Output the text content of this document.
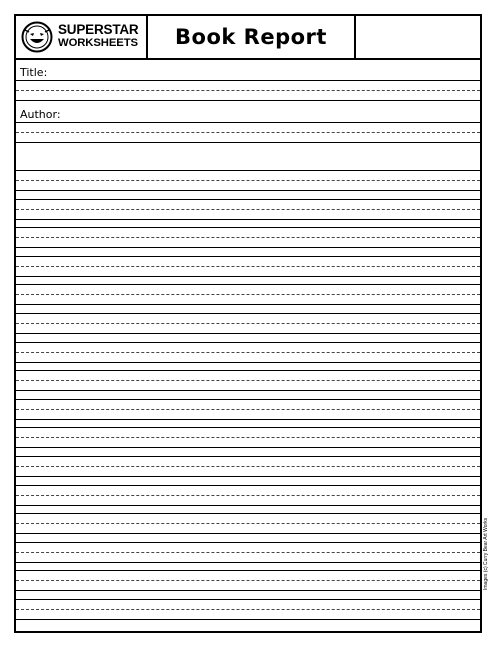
SUPERSTAR
WORKSHEETS Book Report
Title:
Author:
Images (c) Curry Bear Art Works
